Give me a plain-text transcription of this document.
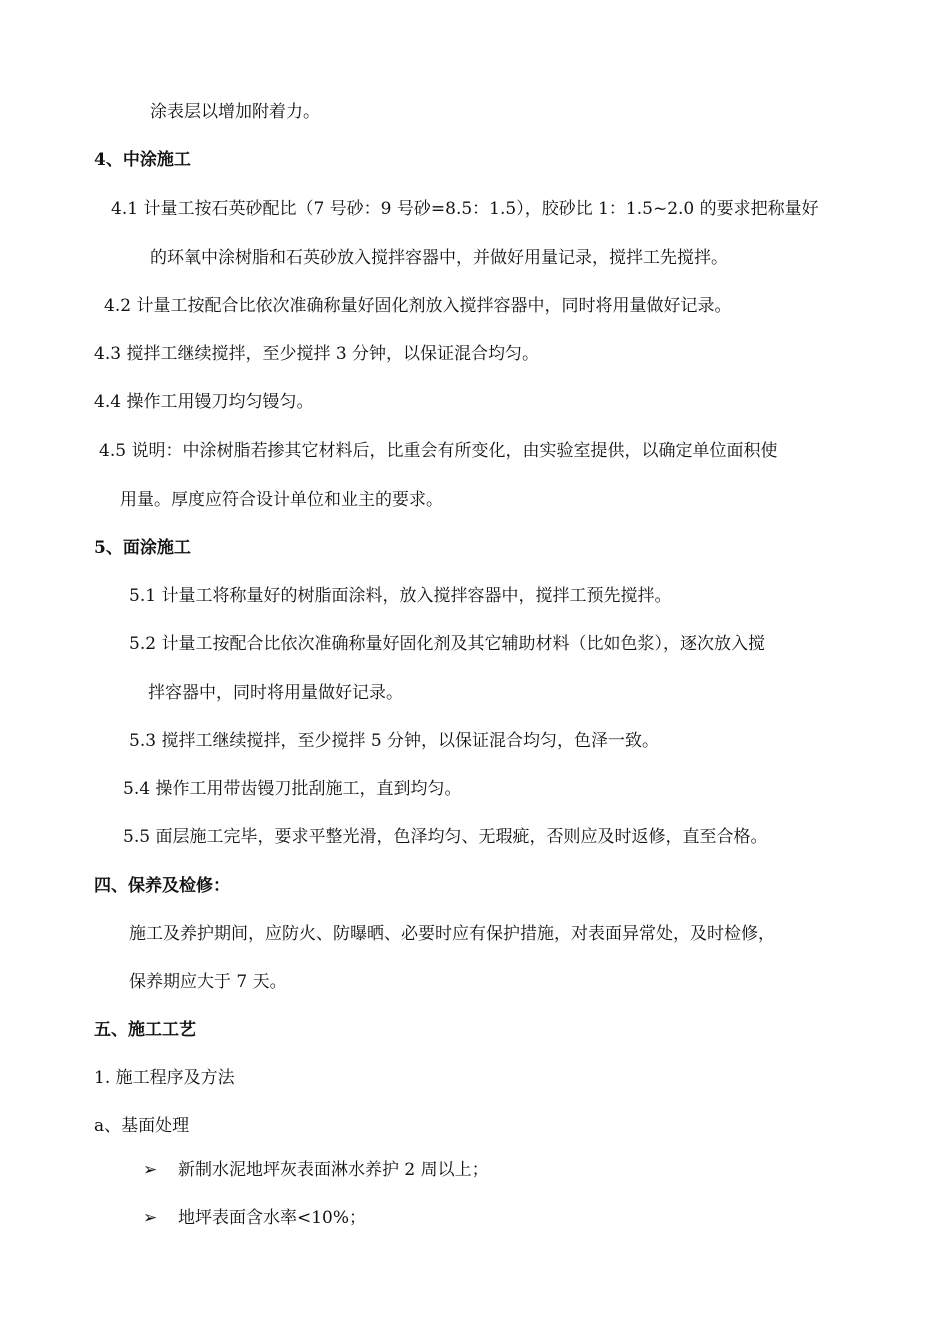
涂表层以增加附着力。
4、中涂施工
4.1 计量工按石英砂配比（7 号砂：9 号砂=8.5：1.5），胶砂比 1：1.5~2.0 的要求把称量好
的环氧中涂树脂和石英砂放入搅拌容器中，并做好用量记录，搅拌工先搅拌。
4.2 计量工按配合比依次准确称量好固化剂放入搅拌容器中，同时将用量做好记录。
4.3 搅拌工继续搅拌，至少搅拌 3 分钟，以保证混合均匀。
4.4 操作工用镘刀均匀镘匀。
4.5 说明：中涂树脂若掺其它材料后，比重会有所变化，由实验室提供，以确定单位面积使
用量。厚度应符合设计单位和业主的要求。
5、面涂施工
5.1 计量工将称量好的树脂面涂料，放入搅拌容器中，搅拌工预先搅拌。
5.2 计量工按配合比依次准确称量好固化剂及其它辅助材料（比如色浆），逐次放入搅
拌容器中，同时将用量做好记录。
5.3 搅拌工继续搅拌，至少搅拌 5 分钟，以保证混合均匀，色泽一致。
5.4 操作工用带齿镘刀批刮施工，直到均匀。
5.5 面层施工完毕，要求平整光滑，色泽均匀、无瑕疵，否则应及时返修，直至合格。
四、保养及检修：
施工及养护期间，应防火、防曝晒、必要时应有保护措施，对表面异常处，及时检修，
保养期应大于 7 天。
五、施工工艺
1. 施工程序及方法
a、基面处理
➢ 新制水泥地坪灰表面淋水养护 2 周以上；
➢ 地坪表面含水率<10%；
